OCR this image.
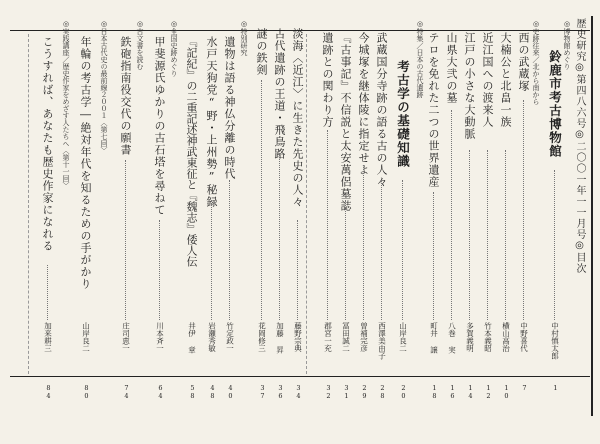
歴史研究◎第四八六号◎二〇〇一年一一月号◎目次
◎博物館めぐり
鈴鹿市考古博物館
中村慎太郎
1
◎史跡往来／北から南から
西の武蔵塚
中野喜代
7
大楠公と北畠一族
横山高治
10
近江国への渡来人
竹本義昭
12
江戸の小さな大動脈
多賀義明
14
山県大弐の墓
八巻 実
16
テロを免れた二つの世界遺産
町井 譲
18
◎特集／日本の古代遺跡
考古学の基礎知識
山岸良二
20
武蔵国分寺跡の語る古の人々
西澤美由子
28
今城塚を継体陵に指定せよ
曽補完彦
29
『古事記』不信説と太安萬侶墓誌
冨田誠二
31
遺跡との関わり方
郡宮一充
32
淡海〈近江〉に生きた先史の人々
藤野宗典
34
古代遺跡の王道・飛鳥路
加藤 昇
36
謎の鉄剣
花岡修三
37
◎特別研究
遺物は語る神仏分離の時代
竹定政一
40
水戸天狗党“野・上州勢”秘録
岩瀬秀敏
48
『記紀』の二重記述神武東征と『魏志』倭人伝
井伊 章
58
◎全国史跡めぐり
甲斐源氏ゆかりの古石塔を尋ねて
川本斉一
64
◎古文書を読む
鉄砲指南役交代の願書
庄司恵一
74
◎日本古代史の最前線２００１〈第七回〉
年輪の考古学―絶対年代を知るための手がかり
山岸良二
80
◎実践講座／歴史作家をめざす人たちへ〈第十一回〉
こうすれば、あなたも歴史作家になれる
加来耕三
84
